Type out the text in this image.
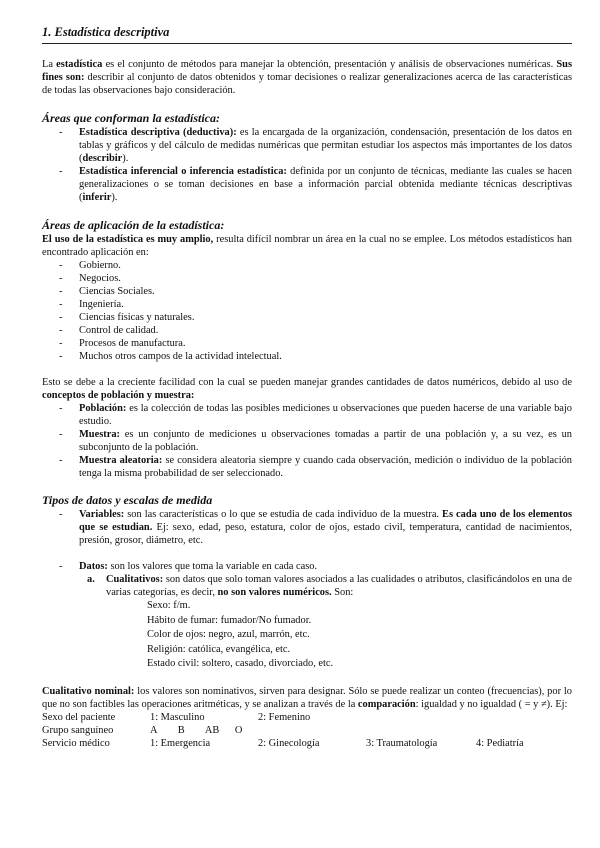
1. Estadística descriptiva

La estadística es el conjunto de métodos para manejar la obtención, presentación y análisis de observaciones numéricas. Sus fines son: describir al conjunto de datos obtenidos y tomar decisiones o realizar generalizaciones acerca de las características de todas las observaciones bajo consideración.

Áreas que conforman la estadística:
- Estadística descriptiva (deductiva): es la encargada de la organización, condensación, presentación de los datos en tablas y gráficos y del cálculo de medidas numéricas que permitan estudiar los aspectos más importantes de los datos (describir).
- Estadística inferencial o inferencia estadística: definida por un conjunto de técnicas, mediante las cuales se hacen generalizaciones o se toman decisiones en base a información parcial obtenida mediante técnicas descriptivas (inferir).
Áreas de aplicación de la estadística:

El uso de la estadística es muy amplio, resulta difícil nombrar un área en la cual no se emplee. Los métodos estadísticos han encontrado aplicación en:

- Gobierno.
- Negocios.
- Ciencias Sociales.
- Ingeniería.
- Ciencias físicas y naturales.
- Control de calidad.
- Procesos de manufactura.
- Muchos otros campos de la actividad intelectual.

Esto se debe a la creciente facilidad con la cual se pueden manejar grandes cantidades de datos numéricos, debido al uso de conceptos de población y muestra:

- Población: es la colección de todas las posibles mediciones u observaciones que pueden hacerse de una variable bajo estudio.
- Muestra: es un conjunto de mediciones u observaciones tomadas a partir de una población y, a su vez, es un subconjunto de la población.
- Muestra aleatoria: se considera aleatoria siempre y cuando cada observación, medición o individuo de la población tenga la misma probabilidad de ser seleccionado.
Tipos de datos y escalas de medida
- Variables: son las características o lo que se estudia de cada individuo de la muestra. Es cada uno de los elementos que se estudian. Ej: sexo, edad, peso, estatura, color de ojos, estado civil, temperatura, cantidad de nacimientos, presión, grosor, diámetro, etc.
- Datos: son los valores que toma la variable en cada caso.
a. Cualitativos: son datos que solo toman valores asociados a las cualidades o atributos, clasificándolos en una de varias categorías, es decir, no son valores numéricos. Son:
Sexo: f/m.
Hábito de fumar: fumador/No fumador.
Color de ojos: negro, azul, marrón, etc.
Religión: católica, evangélica, etc.
Estado civil: soltero, casado, divorciado, etc.

Cualitativo nominal: los valores son nominativos, sirven para designar. Sólo se puede realizar un conteo (frecuencias), por lo que no son factibles las operaciones aritméticas, y se analizan a través de la comparación: igualdad y no igualdad ( = y ≠). Ej:

Sexo del paciente	1: Masculino	2: Femenino		
Grupo sanguíneo	A        B        AB      O			
Servicio médico	1: Emergencia	2: Ginecología	3: Traumatología	4: Pediatría
